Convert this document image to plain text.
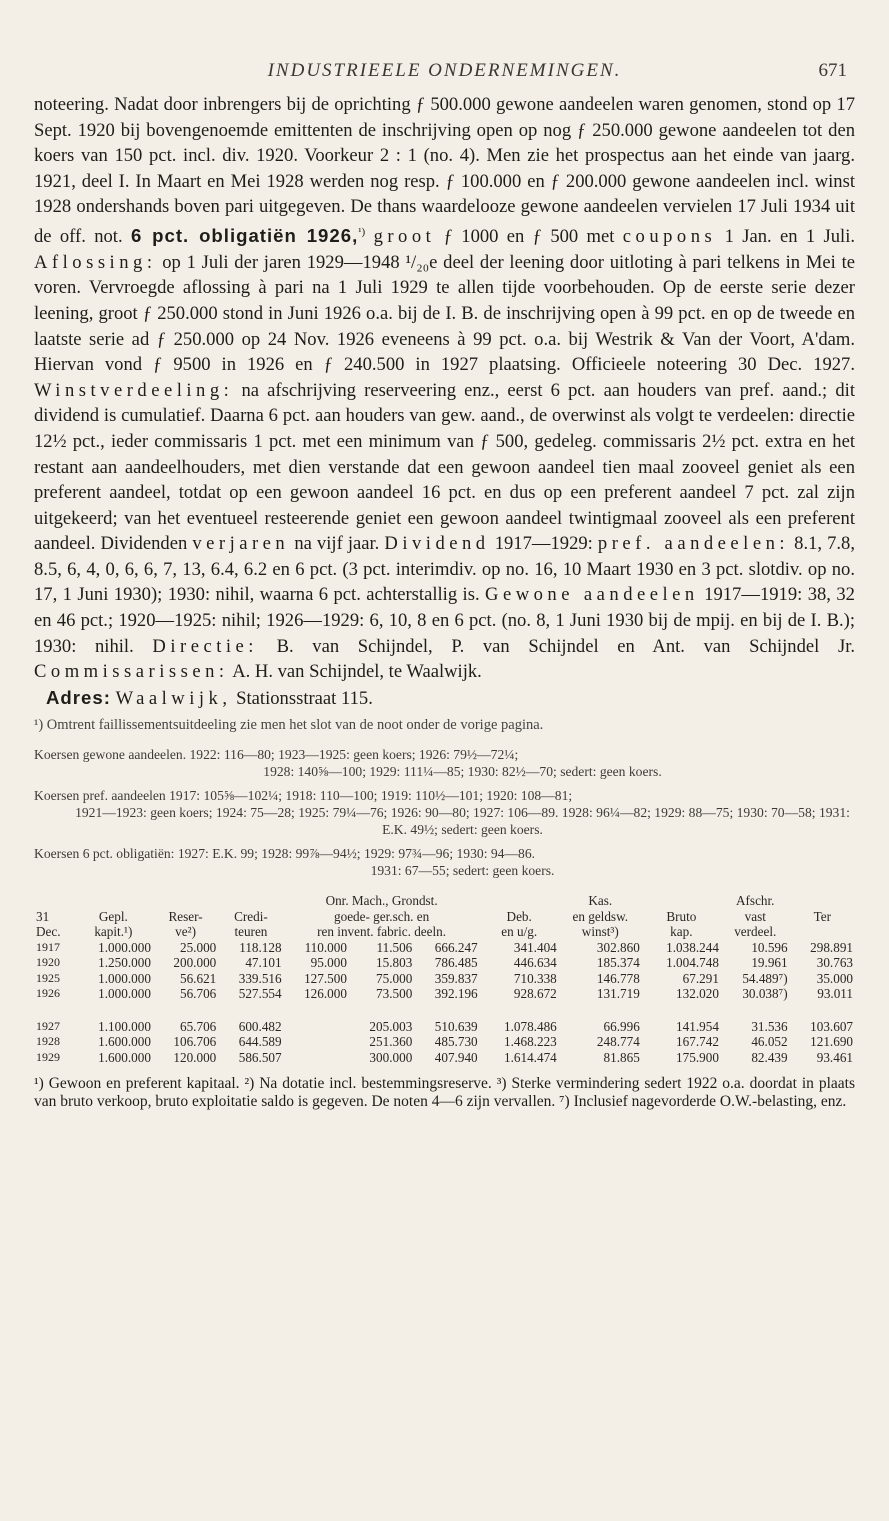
INDUSTRIEELE ONDERNEMINGEN.	671

noteering. Nadat door inbrengers bij de oprichting ƒ 500.000 gewone aandeelen waren genomen, stond op 17 Sept. 1920 bij bovengenoemde emittenten de inschrijving open op nog ƒ 250.000 gewone aandeelen tot den koers van 150 pct. incl. div. 1920. Voorkeur 2 : 1 (no. 4). Men zie het prospectus aan het einde van jaarg. 1921, deel I. In Maart en Mei 1928 werden nog resp. ƒ 100.000 en ƒ 200.000 gewone aandeelen incl. winst 1928 ondershands boven pari uitgegeven. De thans waardelooze gewone aandeelen vervielen 17 Juli 1934 uit de off. not. 6 pct. obligatiën 1926,$^{^1)}$ groot ƒ 1000 en ƒ 500 met coupons 1 Jan. en 1 Juli. Aflossing: op 1 Juli der jaren 1929—1948 ¹/₂₀e deel der leening door uitloting à pari telkens in Mei te voren. Vervroegde aflossing à pari na 1 Juli 1929 te allen tijde voorbehouden. Op de eerste serie dezer leening, groot ƒ 250.000 stond in Juni 1926 o.a. bij de I. B. de inschrijving open à 99 pct. en op de tweede en laatste serie ad ƒ 250.000 op 24 Nov. 1926 eveneens à 99 pct. o.a. bij Westrik & Van der Voort, A'dam. Hiervan vond ƒ 9500 in 1926 en ƒ 240.500 in 1927 plaatsing. Officieele noteering 30 Dec. 1927. Winstverdeeling: na afschrijving reserveering enz., eerst 6 pct. aan houders van pref. aand.; dit dividend is cumulatief. Daarna 6 pct. aan houders van gew. aand., de overwinst als volgt te verdeelen: directie 12½ pct., ieder commissaris 1 pct. met een minimum van ƒ 500, gedeleg. commissaris 2½ pct. extra en het restant aan aandeelhouders, met dien verstande dat een gewoon aandeel tien maal zooveel geniet als een preferent aandeel, totdat op een gewoon aandeel 16 pct. en dus op een preferent aandeel 7 pct. zal zijn uitgekeerd; van het eventueel resteerende geniet een gewoon aandeel twintigmaal zooveel als een preferent aandeel. Dividenden verjaren na vijf jaar. Dividend 1917—1929: pref. aandeelen: 8.1, 7.8, 8.5, 6, 4, 0, 6, 6, 7, 13, 6.4, 6.2 en 6 pct. (3 pct. interimdiv. op no. 16, 10 Maart 1930 en 3 pct. slotdiv. op no. 17, 1 Juni 1930); 1930: nihil, waarna 6 pct. achterstallig is. Gewone aandeelen 1917—1919: 38, 32 en 46 pct.; 1920—1925: nihil; 1926—1929: 6, 10, 8 en 6 pct. (no. 8, 1 Juni 1930 bij de mpij. en bij de I. B.); 1930: nihil. Directie: B. van Schijndel, P. van Schijndel en Ant. van Schijndel Jr. Commissarissen: A. H. van Schijndel, te Waalwijk.
Adres: Waalwijk, Stationsstraat 115.

¹) Omtrent faillissementsuitdeeling zie men het slot van de noot onder de vorige pagina.

Koersen gewone aandeelen. 1922: 116—80; 1923—1925: geen koers; 1926: 79½—72¼;
1928: 140⅝—100; 1929: 111¼—85; 1930: 82½—70; sedert: geen koers.

Koersen pref. aandeelen 1917: 105⅝—102¼; 1918: 110—100; 1919: 110½—101; 1920: 108—81;
1921—1923: geen koers; 1924: 75—28; 1925: 79¼—76; 1926: 90—80; 1927: 106—89. 1928: 96¼—82; 1929: 88—75; 1930: 70—58; 1931: E.K. 49½; sedert: geen koers.

Koersen 6 pct. obligatiën: 1927: E.K. 99; 1928: 99⅞—94½; 1929: 97¾—96; 1930: 94—86.
1931: 67—55; sedert: geen koers.

				Onr. Mach., Grondst.				Kas.		Afschr.	
31	Gepl.	Reser-	Credi-	goede- ger.sch. en			Deb.	en geldsw.	Bruto	vast	Ter
Dec.	kapit.¹)	ve²)	teuren	ren invent. fabric. deeln.			en u/g.	winst³)	kap.	verdeel.	
1917	1.000.000	25.000	118.128	110.000	11.506	666.247	341.404	302.860	1.038.244	10.596	298.891
1920	1.250.000	200.000	47.101	95.000	15.803	786.485	446.634	185.374	1.004.748	19.961	30.763
1925	1.000.000	56.621	339.516	127.500	75.000	359.837	710.338	146.778	67.291	54.489⁷)	35.000
1926	1.000.000	56.706	527.554	126.000	73.500	392.196	928.672	131.719	132.020	30.038⁷)	93.011
1927	1.100.000	65.706	600.482		205.003	510.639	1.078.486	66.996	141.954	31.536	103.607
1928	1.600.000	106.706	644.589		251.360	485.730	1.468.223	248.774	167.742	46.052	121.690
1929	1.600.000	120.000	586.507		300.000	407.940	1.614.474	81.865	175.900	82.439	93.461

¹) Gewoon en preferent kapitaal. ²) Na dotatie incl. bestemmingsreserve. ³) Sterke vermindering sedert 1922 o.a. doordat in plaats van bruto verkoop, bruto exploitatie saldo is gegeven. De noten 4—6 zijn vervallen. ⁷) Inclusief nagevorderde O.W.-belasting, enz.
